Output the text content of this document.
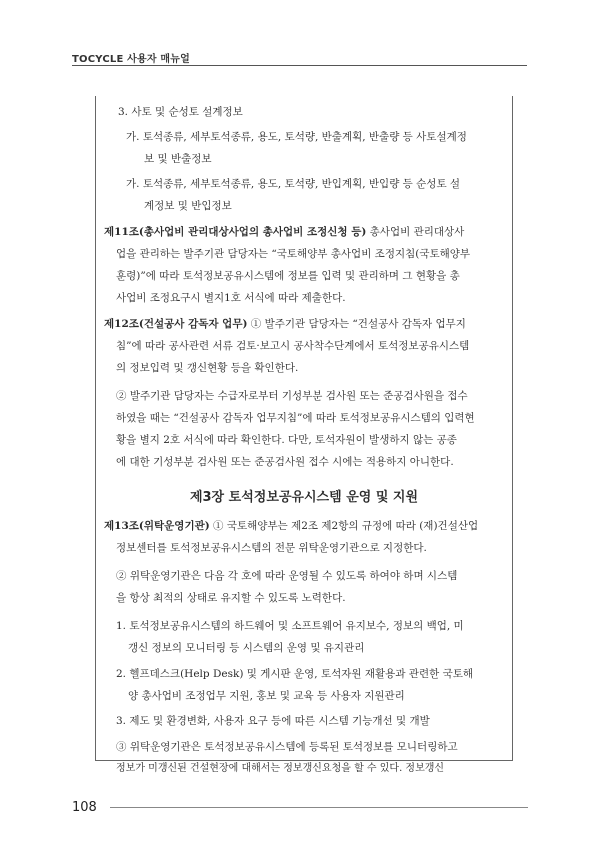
TOCYCLE 사용자 매뉴얼

3. 사토 및 순성토 설계정보

가. 토석종류, 세부토석종류, 용도, 토석량, 반출계획, 반출량 등 사토설계정

보 및 반출정보

가. 토석종류, 세부토석종류, 용도, 토석량, 반입계획, 반입량 등 순성토 설

계정보 및 반입정보

제11조(총사업비 관리대상사업의 총사업비 조정신청 등) 총사업비 관리대상사

업을 관리하는 발주기관 담당자는 “국토해양부 총사업비 조정지침(국토해양부

훈령)”에 따라 토석정보공유시스템에 정보를 입력 및 관리하며 그 현황을 총

사업비 조정요구시 별지1호 서식에 따라 제출한다.

제12조(건설공사 감독자 업무) ① 발주기관 담당자는 “건설공사 감독자 업무지

침”에 따라 공사관련 서류 검토·보고시 공사착수단계에서 토석정보공유시스템

의 정보입력 및 갱신현황 등을 확인한다.

② 발주기관 담당자는 수급자로부터 기성부분 검사원 또는 준공검사원을 접수

하였을 때는 “건설공사 감독자 업무지침”에 따라 토석정보공유시스템의 입력현

황을 별지 2호 서식에 따라 확인한다. 다만, 토석자원이 발생하지 않는 공종

에 대한 기성부분 검사원 또는 준공검사원 접수 시에는 적용하지 아니한다.

제3장 토석정보공유시스템 운영 및 지원

제13조(위탁운영기관) ① 국토해양부는 제2조 제2항의 규정에 따라 (재)건설산업

정보센터를 토석정보공유시스템의 전문 위탁운영기관으로 지정한다.

② 위탁운영기관은 다음 각 호에 따라 운영될 수 있도록 하여야 하며 시스템

을 항상 최적의 상태로 유지할 수 있도록 노력한다.

1. 토석정보공유시스템의 하드웨어 및 소프트웨어 유지보수, 정보의 백업, 미

갱신 정보의 모니터링 등 시스템의 운영 및 유지관리

2. 헬프데스크(Help Desk) 및 게시판 운영, 토석자원 재활용과 관련한 국토해

양 총사업비 조정업무 지원, 홍보 및 교육 등 사용자 지원관리

3. 제도 및 환경변화, 사용자 요구 등에 따른 시스템 기능개선 및 개발

③ 위탁운영기관은 토석정보공유시스템에 등록된 토석정보를 모니터링하고

정보가 미갱신된 건설현장에 대해서는 정보갱신요청을 할 수 있다. 정보갱신

108
